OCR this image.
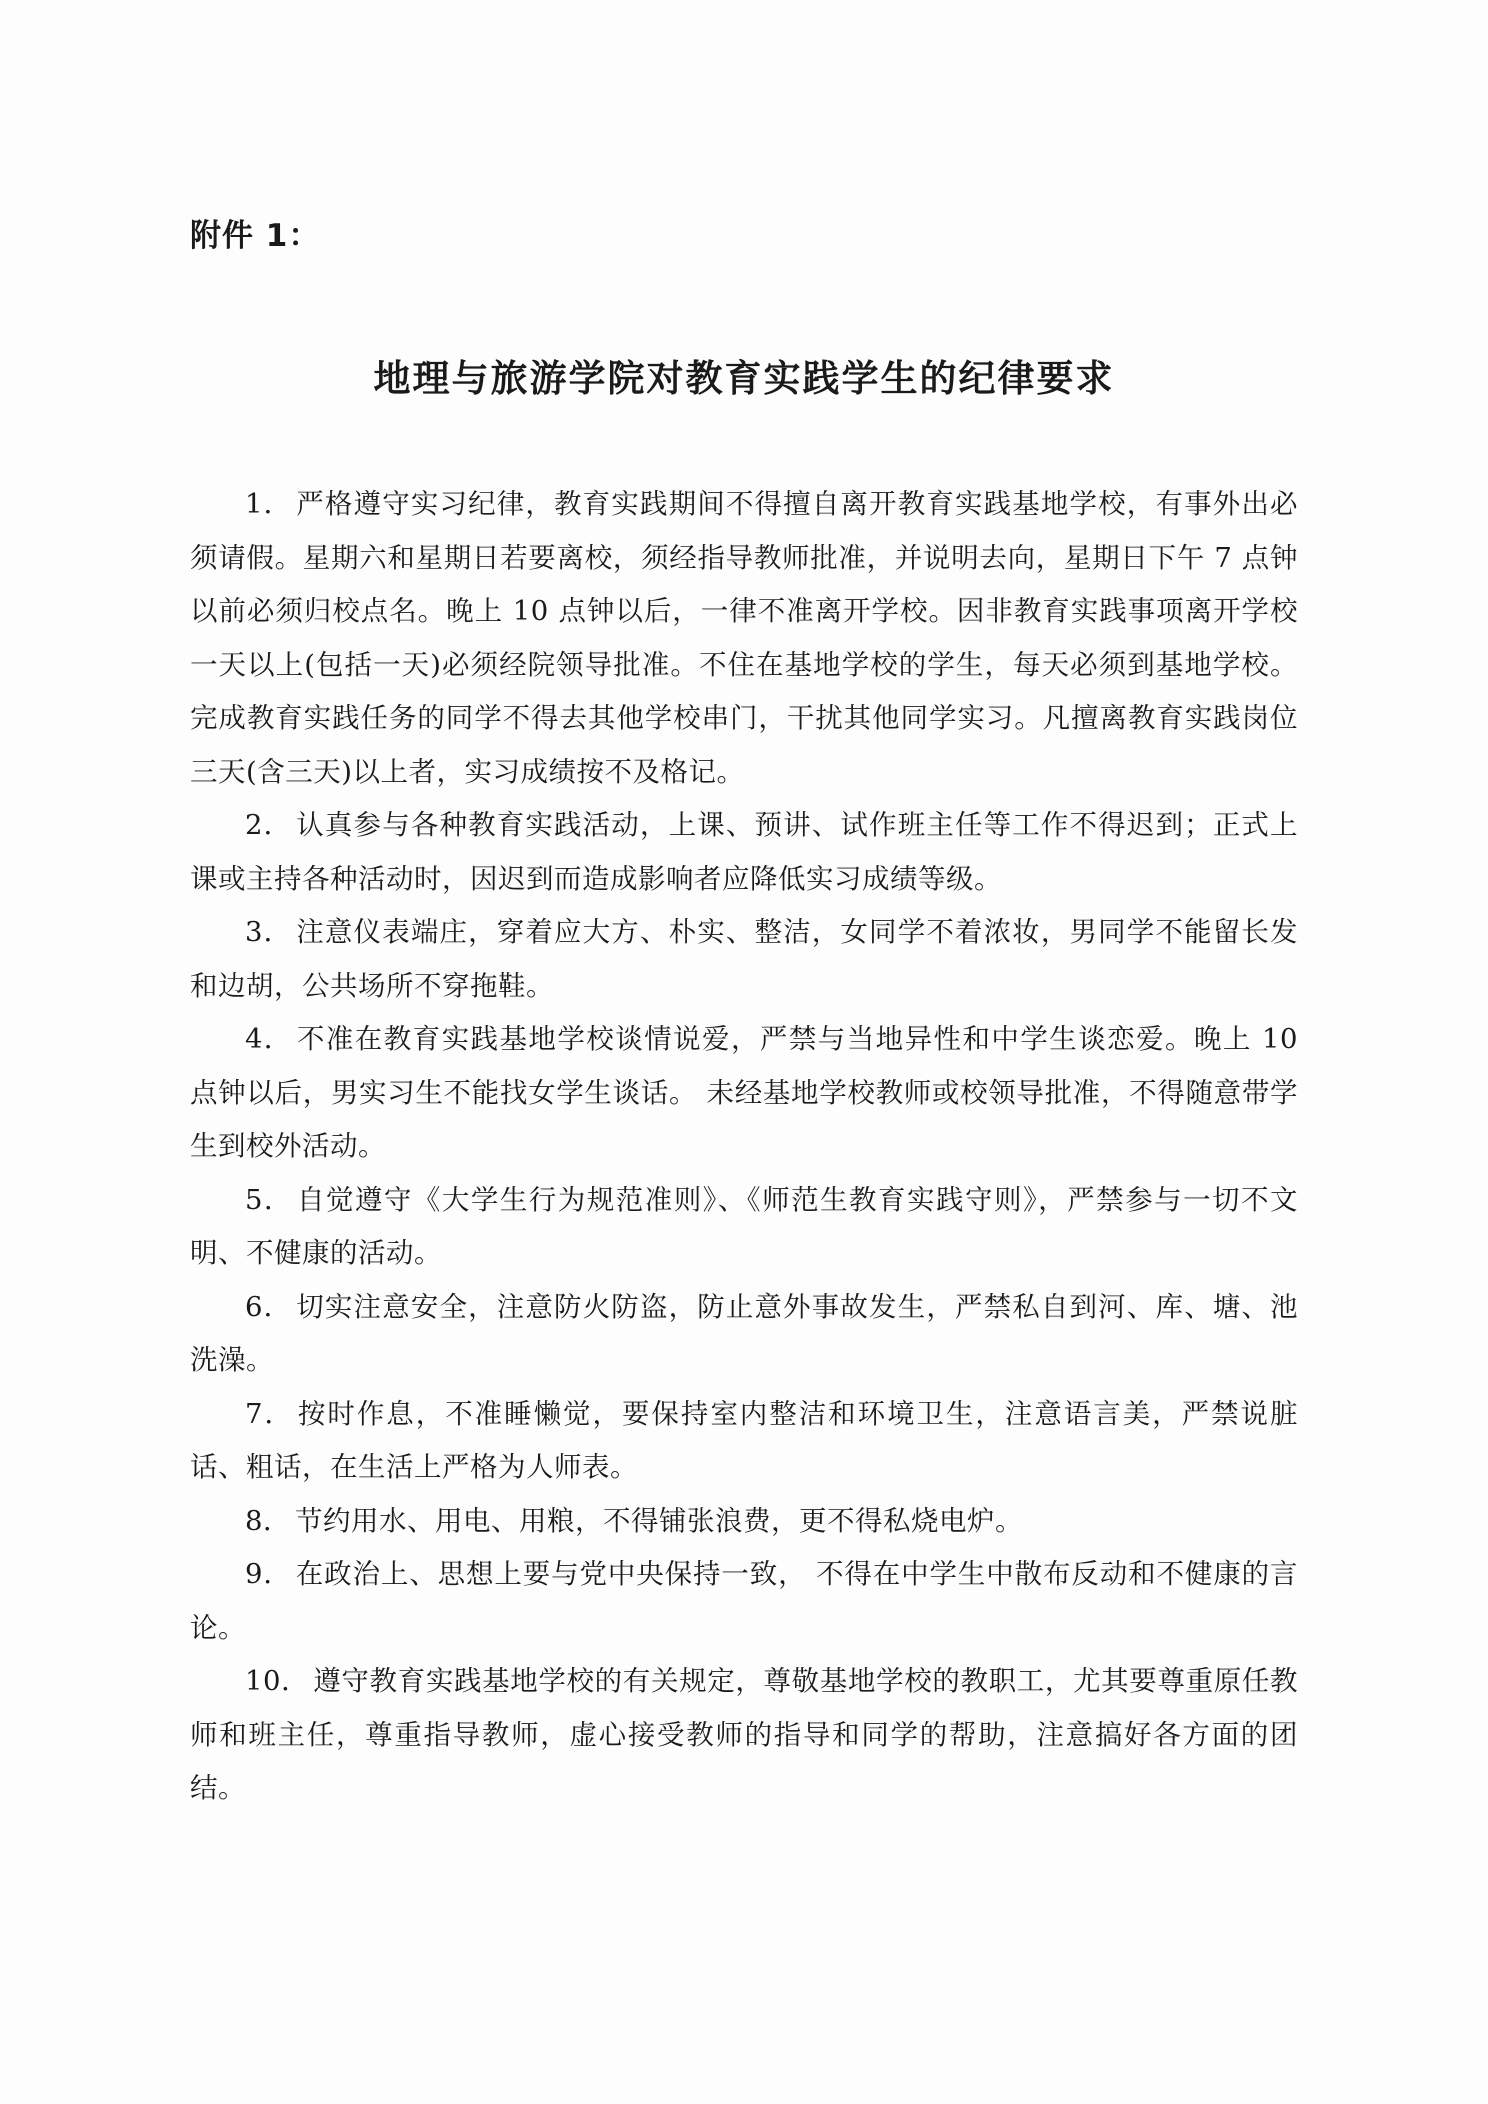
附件 1：
地理与旅游学院对教育实践学生的纪律要求

1． 严格遵守实习纪律，教育实践期间不得擅自离开教育实践基地学校，有事外出必须请假。星期六和星期日若要离校，须经指导教师批准，并说明去向，星期日下午 7 点钟以前必须归校点名。晚上 10 点钟以后，一律不准离开学校。因非教育实践事项离开学校一天以上(包括一天)必须经院领导批准。不住在基地学校的学生，每天必须到基地学校。完成教育实践任务的同学不得去其他学校串门，干扰其他同学实习。凡擅离教育实践岗位三天(含三天)以上者，实习成绩按不及格记。

2． 认真参与各种教育实践活动，上课、预讲、试作班主任等工作不得迟到；正式上课或主持各种活动时，因迟到而造成影响者应降低实习成绩等级。

3． 注意仪表端庄，穿着应大方、朴实、整洁，女同学不着浓妆，男同学不能留长发和边胡，公共场所不穿拖鞋。

4． 不准在教育实践基地学校谈情说爱，严禁与当地异性和中学生谈恋爱。晚上 10 点钟以后，男实习生不能找女学生谈话。 未经基地学校教师或校领导批准，不得随意带学生到校外活动。

5． 自觉遵守《大学生行为规范准则》、《师范生教育实践守则》，严禁参与一切不文明、不健康的活动。

6． 切实注意安全，注意防火防盗，防止意外事故发生，严禁私自到河、库、塘、池洗澡。

7． 按时作息，不准睡懒觉，要保持室内整洁和环境卫生，注意语言美，严禁说脏话、粗话，在生活上严格为人师表。

8． 节约用水、用电、用粮，不得铺张浪费，更不得私烧电炉。

9． 在政治上、思想上要与党中央保持一致， 不得在中学生中散布反动和不健康的言论。

10． 遵守教育实践基地学校的有关规定，尊敬基地学校的教职工，尤其要尊重原任教师和班主任，尊重指导教师，虚心接受教师的指导和同学的帮助，注意搞好各方面的团结。
